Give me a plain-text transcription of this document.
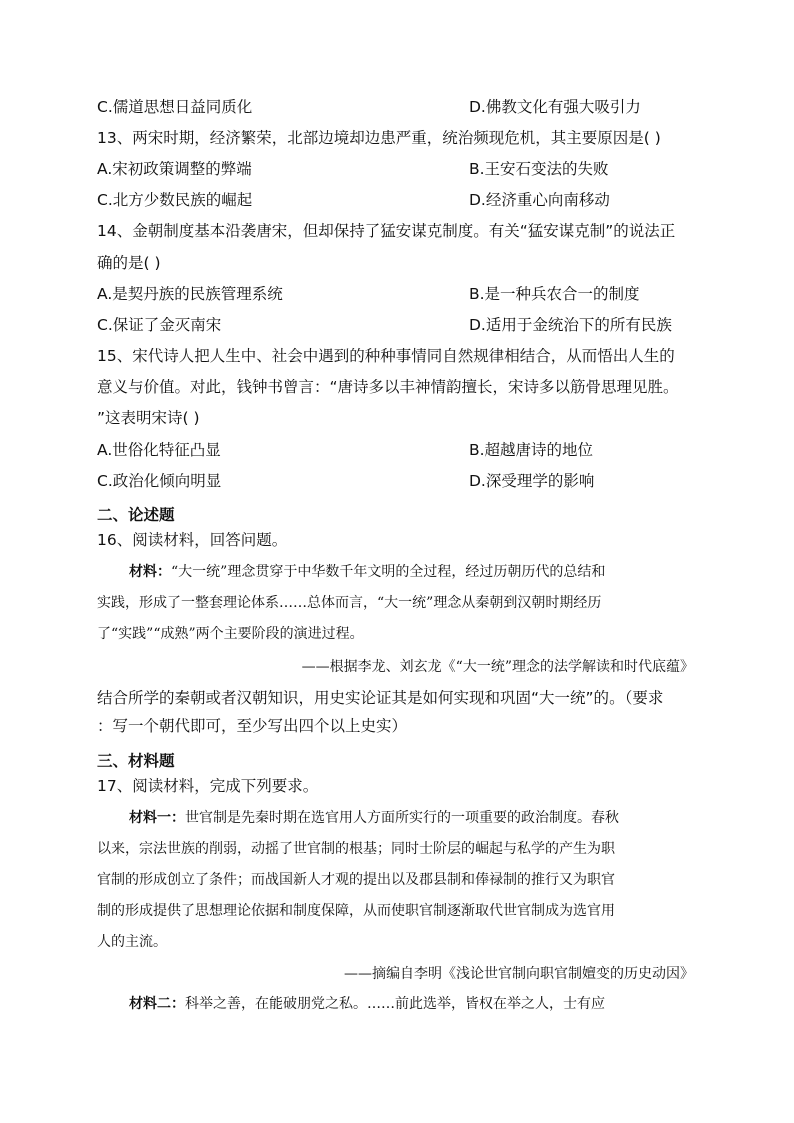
C.儒道思想日益同质化	D.佛教文化有强大吸引力
13、两宋时期，经济繁荣，北部边境却边患严重，统治频现危机，其主要原因是( )
A.宋初政策调整的弊端	B.王安石变法的失败
C.北方少数民族的崛起	D.经济重心向南移动
14、金朝制度基本沿袭唐宋，但却保持了猛安谋克制度。有关“猛安谋克制”的说法正
确的是( )
A.是契丹族的民族管理系统	B.是一种兵农合一的制度
C.保证了金灭南宋	D.适用于金统治下的所有民族
15、宋代诗人把人生中、社会中遇到的种种事情同自然规律相结合，从而悟出人生的
意义与价值。对此，钱钟书曾言：“唐诗多以丰神情韵擅长，宋诗多以筋骨思理见胜。
”这表明宋诗( )
A.世俗化特征凸显	B.超越唐诗的地位
C.政治化倾向明显	D.深受理学的影响
二、论述题
16、阅读材料，回答问题。
材料：“大一统”理念贯穿于中华数千年文明的全过程，经过历朝历代的总结和
实践，形成了一整套理论体系……总体而言，“大一统”理念从秦朝到汉朝时期经历
了“实践”“成熟”两个主要阶段的演进过程。
——根据李龙、刘玄龙《“大一统”理念的法学解读和时代底蕴》
结合所学的秦朝或者汉朝知识，用史实论证其是如何实现和巩固“大一统”的。（要求
：写一个朝代即可，至少写出四个以上史实）
三、材料题
17、阅读材料，完成下列要求。
材料一：世官制是先秦时期在选官用人方面所实行的一项重要的政治制度。春秋
以来，宗法世族的削弱，动摇了世官制的根基；同时士阶层的崛起与私学的产生为职
官制的形成创立了条件；而战国新人才观的提出以及郡县制和俸禄制的推行又为职官
制的形成提供了思想理论依据和制度保障，从而使职官制逐渐取代世官制成为选官用
人的主流。
——摘编自李明《浅论世官制向职官制嬗变的历史动因》
材料二：科举之善，在能破朋党之私。……前此选举，皆权在举之人，士有应
